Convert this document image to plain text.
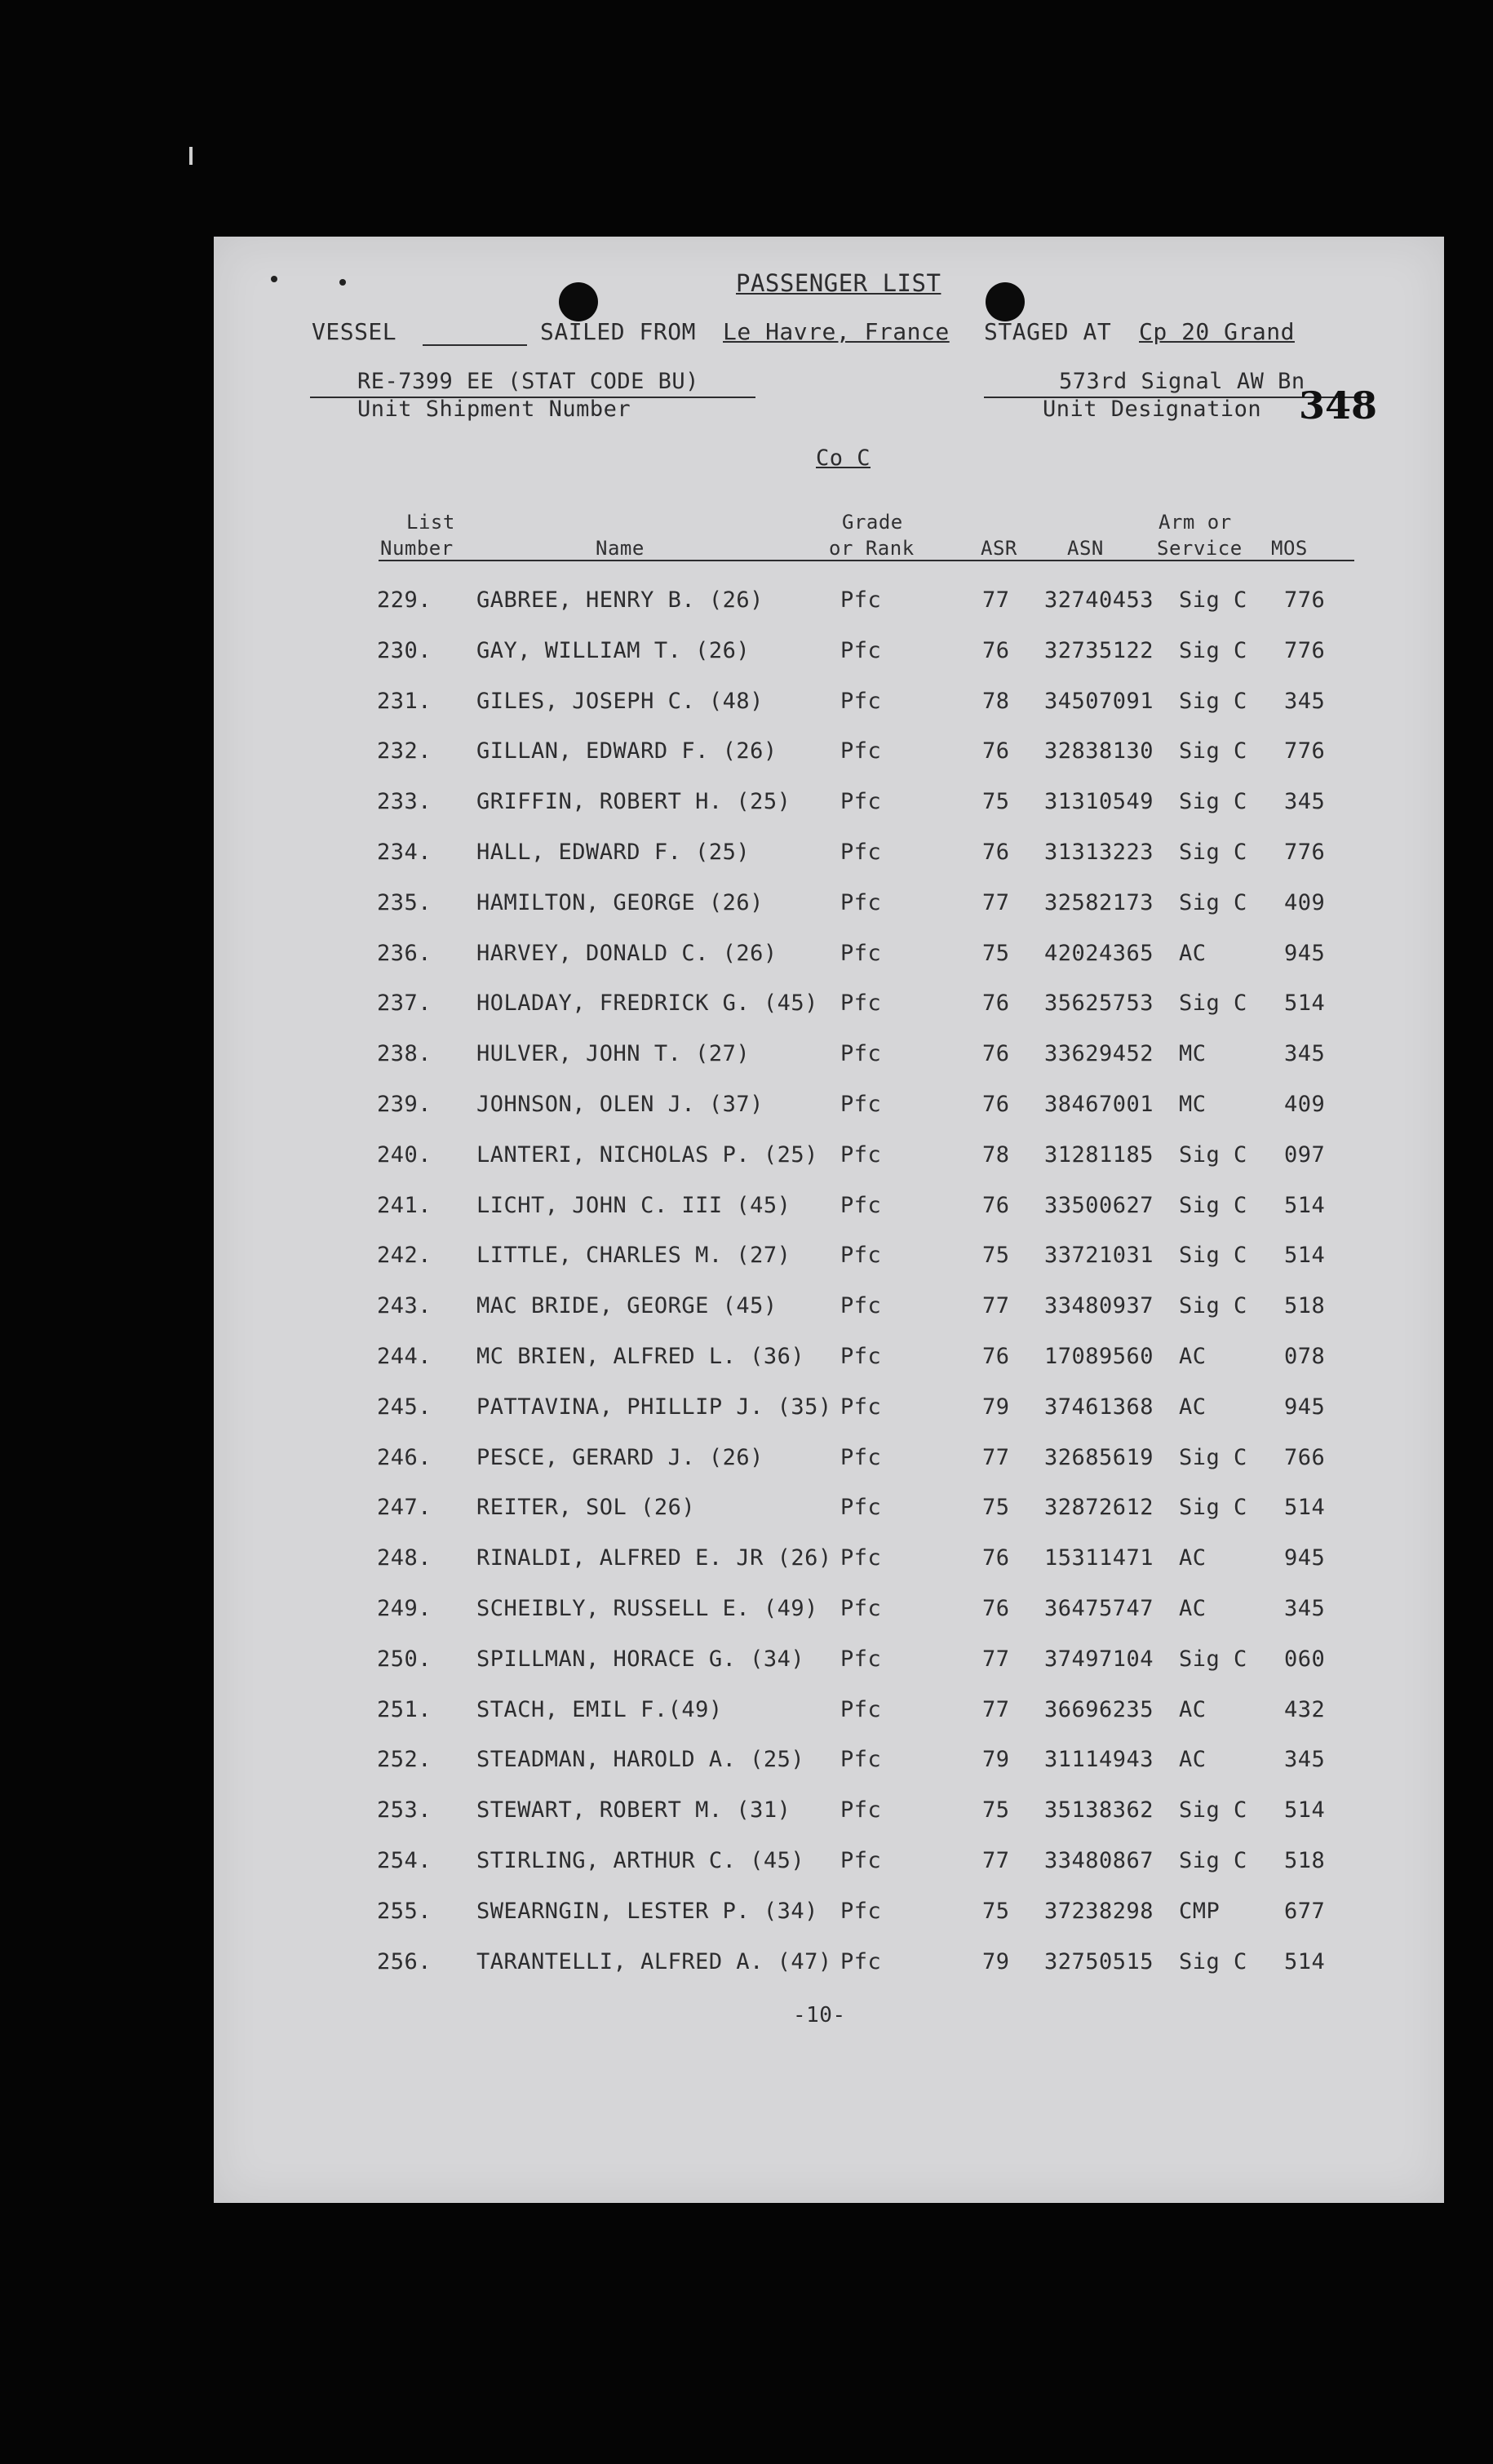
PASSENGER LIST
VESSEL	SAILED FROM Le Havre, France STAGED AT Cp 20 Grand
RE-7399 EE (STAT CODE BU)
Unit Shipment Number
573rd Signal AW Bn
Unit Designation
Co C
348
List
Number	Name
Grade
or Rank	ASR	ASN
Arm or
Service MOS
229. GABREE, HENRY B. (26)	Pfc	77 32740453 Sig C 776
230. GAY, WILLIAM T. (26)	Pfc	76 32735122 Sig C 776
231. GILES, JOSEPH C. (48)	Pfc	78 34507091 Sig C 345
232. GILLAN, EDWARD F. (26)	Pfc	76 32838130 Sig C 776
233. GRIFFIN, ROBERT H. (25) Pfc	75 31310549 Sig C 345
234. HALL, EDWARD F. (25)	Pfc	76 31313223 Sig C 776
235. HAMILTON, GEORGE (26)	Pfc	77 32582173 Sig C 409
236. HARVEY, DONALD C. (26)	Pfc	75 42024365 AC	945
237. HOLADAY, FREDRICK G. (45) Pfc	76 35625753 Sig C 514
238. HULVER, JOHN T. (27)	Pfc	76 33629452 MC	345
239. JOHNSON, OLEN J. (37)	Pfc	76 38467001 MC	409
240. LANTERI, NICHOLAS P. (25) Pfc	78 31281185 Sig C 097
241. LICHT, JOHN C. III (45) Pfc	76 33500627 Sig C 514
242. LITTLE, CHARLES M. (27) Pfc	75 33721031 Sig C 514
243. MAC BRIDE, GEORGE (45)	Pfc	77 33480937 Sig C 518
244. MC BRIEN, ALFRED L. (36) Pfc	76 17089560 AC	078
245. PATTAVINA, PHILLIP J. (35) Pfc	79 37461368 AC	945
246. PESCE, GERARD J. (26)	Pfc	77 32685619 Sig C 766
247. REITER, SOL (26)	Pfc	75 32872612 Sig C 514
248. RINALDI, ALFRED E. JR (26) Pfc	76 15311471 AC	945
249. SCHEIBLY, RUSSELL E. (49) Pfc	76 36475747 AC	345
250. SPILLMAN, HORACE G. (34) Pfc	77 37497104 Sig C 060
251. STACH, EMIL F.(49)	Pfc	77 36696235 AC	432
252. STEADMAN, HAROLD A. (25) Pfc	79 31114943 AC	345
253. STEWART, ROBERT M. (31) Pfc	75 35138362 Sig C 514
254. STIRLING, ARTHUR C. (45) Pfc	77 33480867 Sig C 518
255. SWEARNGIN, LESTER P. (34) Pfc	75 37238298 CMP	677
256. TARANTELLI, ALFRED A. (47) Pfc	79 32750515 Sig C 514
-10-
